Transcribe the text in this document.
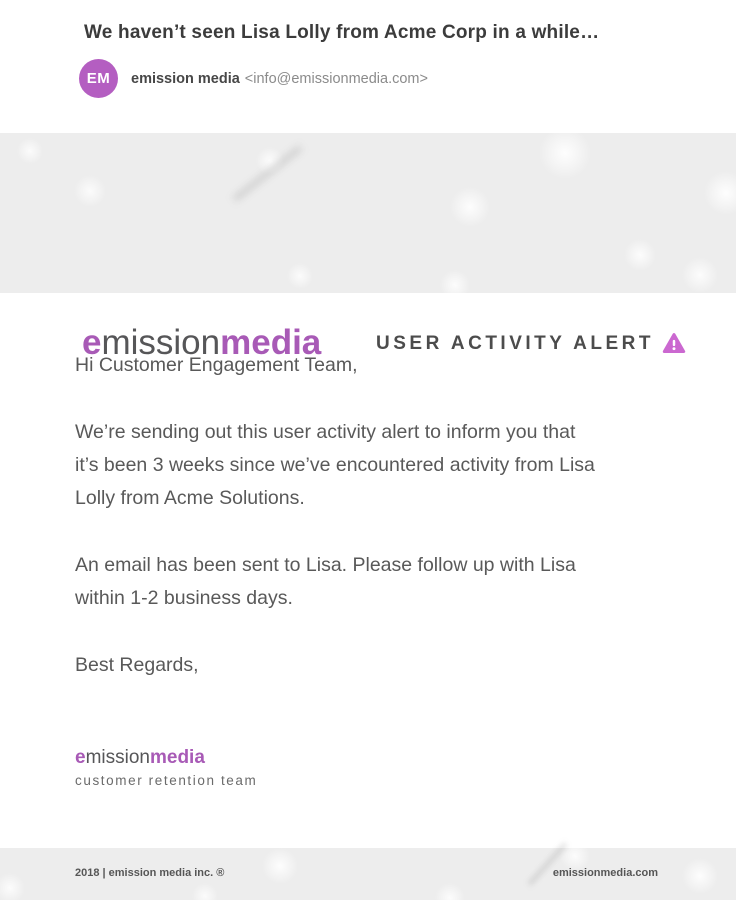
We haven’t seen Lisa Lolly from Acme Corp in a while…
EM	emission media <info@emissionmedia.com>
emissionmedia	USER ACTIVITY ALERT
Hi Customer Engagement Team,
We’re sending out this user activity alert to inform you that
it’s been 3 weeks since we’ve encountered activity from Lisa
Lolly from Acme Solutions.
An email has been sent to Lisa. Please follow up with Lisa
within 1-2 business days.
Best Regards,
emissionmedia
customer retention team
2018 | emission media inc. ®	emissionmedia.com
